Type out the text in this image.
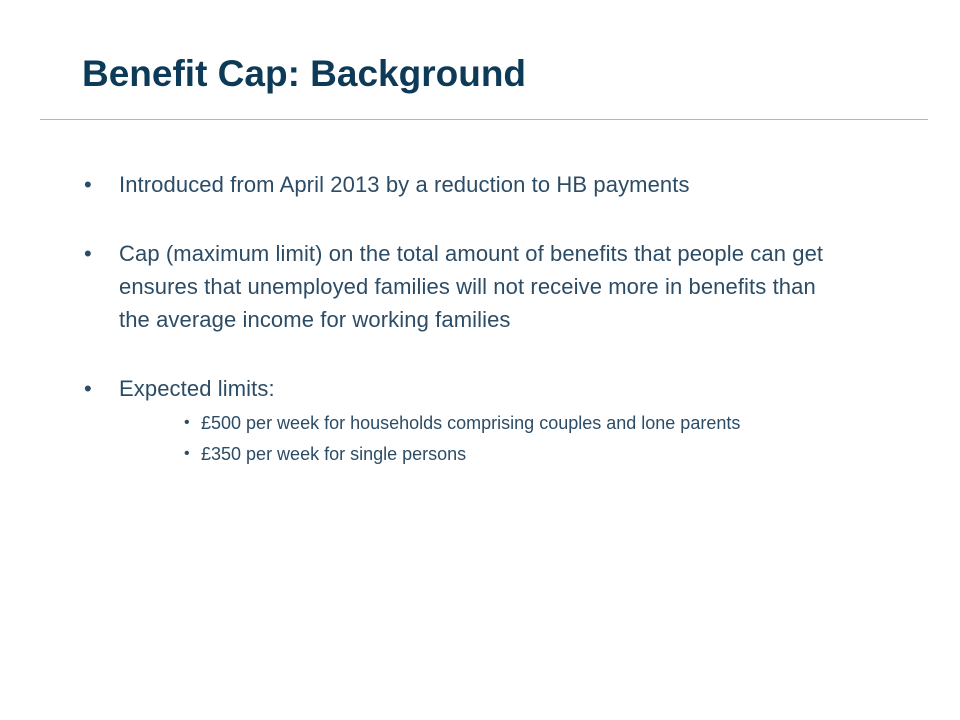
Benefit Cap: Background
• Introduced from April 2013 by a reduction to HB payments
• Cap (maximum limit) on the total amount of benefits that people can get ensures that unemployed families will not receive more in benefits than the average income for working families
• Expected limits:
• £500 per week for households comprising couples and lone parents
• £350 per week for single persons
